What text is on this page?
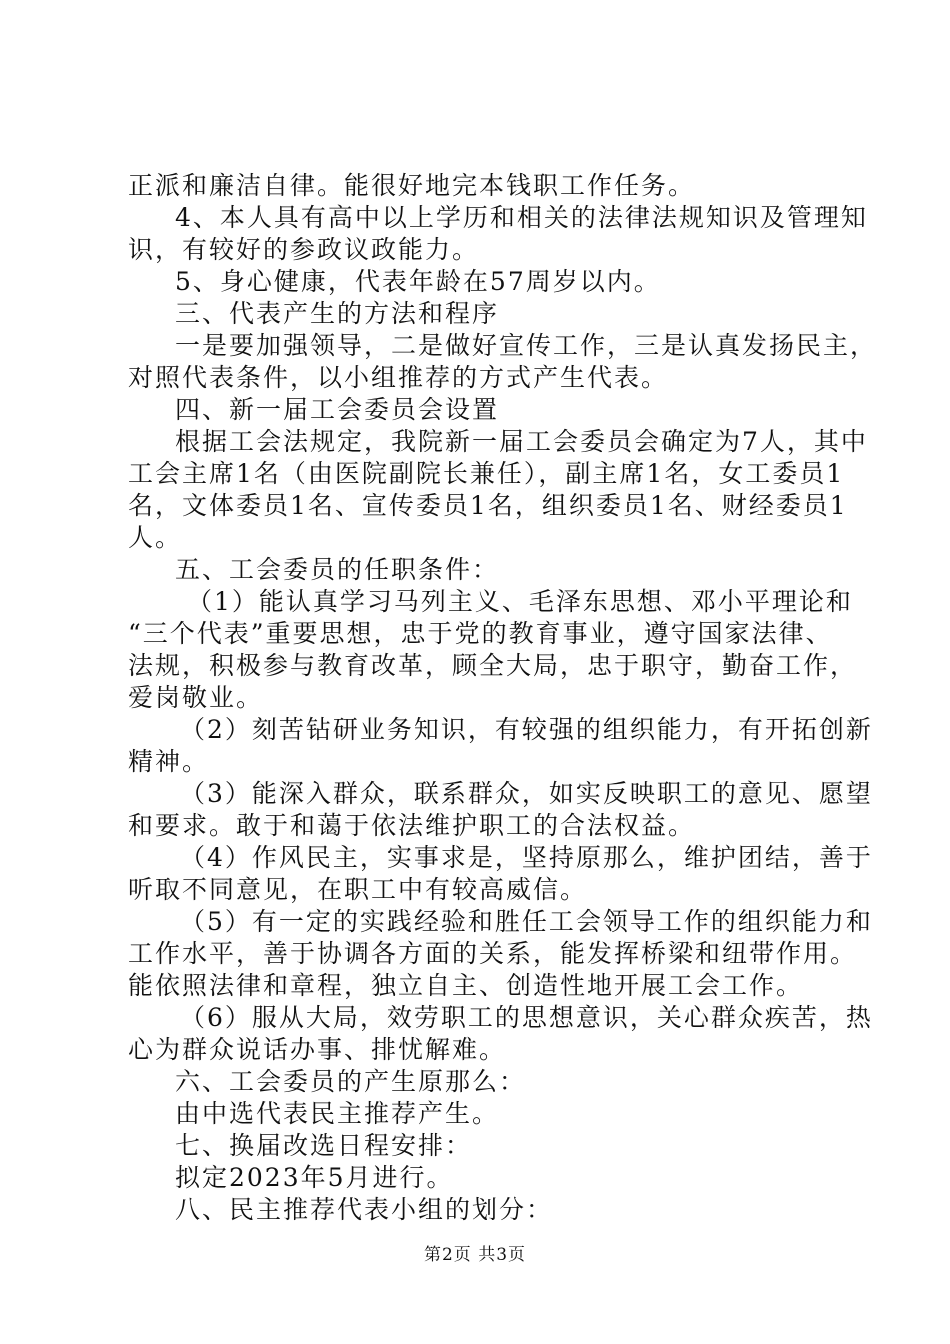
正派和廉洁自律。能很好地完本钱职工作任务。
4、本人具有高中以上学历和相关的法律法规知识及管理知
识，有较好的参政议政能力。
5、身心健康，代表年龄在57周岁以内。
三、代表产生的方法和程序
一是要加强领导，二是做好宣传工作，三是认真发扬民主，
对照代表条件，以小组推荐的方式产生代表。
四、新一届工会委员会设置
根据工会法规定，我院新一届工会委员会确定为7人，其中
工会主席1名（由医院副院长兼任），副主席1名，女工委员1
名，文体委员1名、宣传委员1名，组织委员1名、财经委员1
人。
五、工会委员的任职条件：
（1）能认真学习马列主义、毛泽东思想、邓小平理论和
“三个代表”重要思想，忠于党的教育事业，遵守国家法律、
法规，积极参与教育改革，顾全大局，忠于职守，勤奋工作，
爱岗敬业。
（2）刻苦钻研业务知识，有较强的组织能力，有开拓创新
精神。
（3）能深入群众，联系群众，如实反映职工的意见、愿望
和要求。敢于和蔼于依法维护职工的合法权益。
（4）作风民主，实事求是，坚持原那么，维护团结，善于
听取不同意见，在职工中有较高威信。
（5）有一定的实践经验和胜任工会领导工作的组织能力和
工作水平，善于协调各方面的关系，能发挥桥梁和纽带作用。
能依照法律和章程，独立自主、创造性地开展工会工作。
（6）服从大局，效劳职工的思想意识，关心群众疾苦，热
心为群众说话办事、排忧解难。
六、工会委员的产生原那么：
由中选代表民主推荐产生。
七、换届改选日程安排：
拟定2023年5月进行。
八、民主推荐代表小组的划分：
第2页 共3页
